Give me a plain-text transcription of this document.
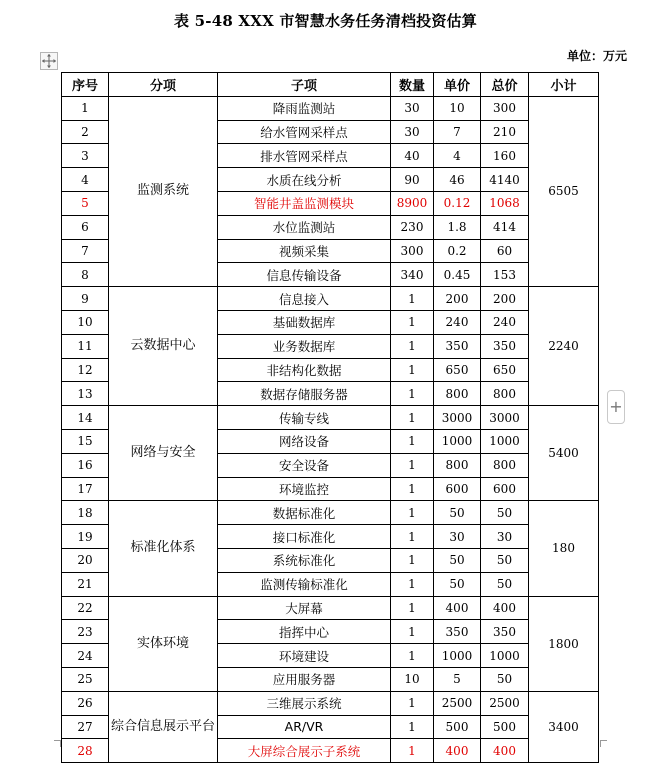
表 5-48 XXX 市智慧水务任务清档投资估算
单位：万元
+
序号	分项	子项	数量	单价	总价	小计
1	监测系统	降雨监测站	30	10	300	6505
2		给水管网采样点	30	7	210	
3		排水管网采样点	40	4	160	
4		水质在线分析	90	46	4140	
5		智能井盖监测模块	8900	0.12	1068	
6		水位监测站	230	1.8	414	
7		视频采集	300	0.2	60	
8		信息传输设备	340	0.45	153	
9	云数据中心	信息接入	1	200	200	2240
10		基础数据库	1	240	240	
11		业务数据库	1	350	350	
12		非结构化数据	1	650	650	
13		数据存储服务器	1	800	800	
14	网络与安全	传输专线	1	3000	3000	5400
15		网络设备	1	1000	1000	
16		安全设备	1	800	800	
17		环境监控	1	600	600	
18	标准化体系	数据标准化	1	50	50	180
19		接口标准化	1	30	30	
20		系统标准化	1	50	50	
21		监测传输标准化	1	50	50	
22	实体环境	大屏幕	1	400	400	1800
23		指挥中心	1	350	350	
24		环境建设	1	1000	1000	
25		应用服务器	10	5	50	
26	综合信息展示平台	三维展示系统	1	2500	2500	3400
27		AR/VR	1	500	500	
28		大屏综合展示子系统	1	400	400	
